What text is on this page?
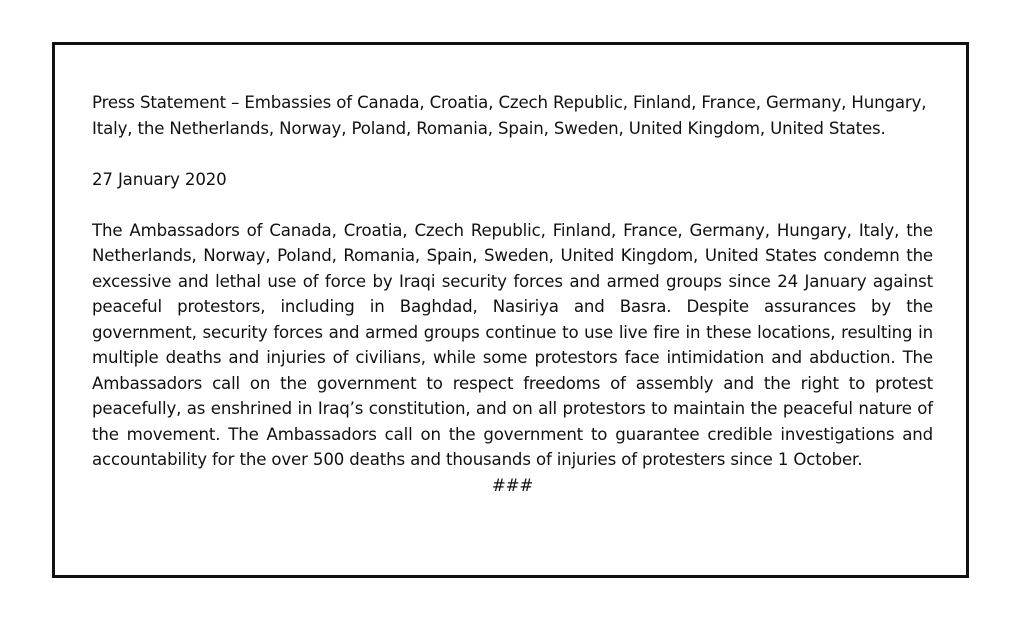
Press Statement – Embassies of Canada, Croatia, Czech Republic, Finland, France, Germany, Hungary, Italy, the Netherlands, Norway, Poland, Romania, Spain, Sweden, United Kingdom, United States.

27 January 2020

The Ambassadors of Canada, Croatia, Czech Republic, Finland, France, Germany, Hungary, Italy, the Netherlands, Norway, Poland, Romania, Spain, Sweden, United Kingdom, United States condemn the excessive and lethal use of force by Iraqi security forces and armed groups since 24 January against peaceful protestors, including in Baghdad, Nasiriya and Basra. Despite assurances by the government, security forces and armed groups continue to use live fire in these locations, resulting in multiple deaths and injuries of civilians, while some protestors face intimidation and abduction. The Ambassadors call on the government to respect freedoms of assembly and the right to protest peacefully, as enshrined in Iraq’s constitution, and on all protestors to maintain the peaceful nature of the movement. The Ambassadors call on the government to guarantee credible investigations and accountability for the over 500 deaths and thousands of injuries of protesters since 1 October.

###
